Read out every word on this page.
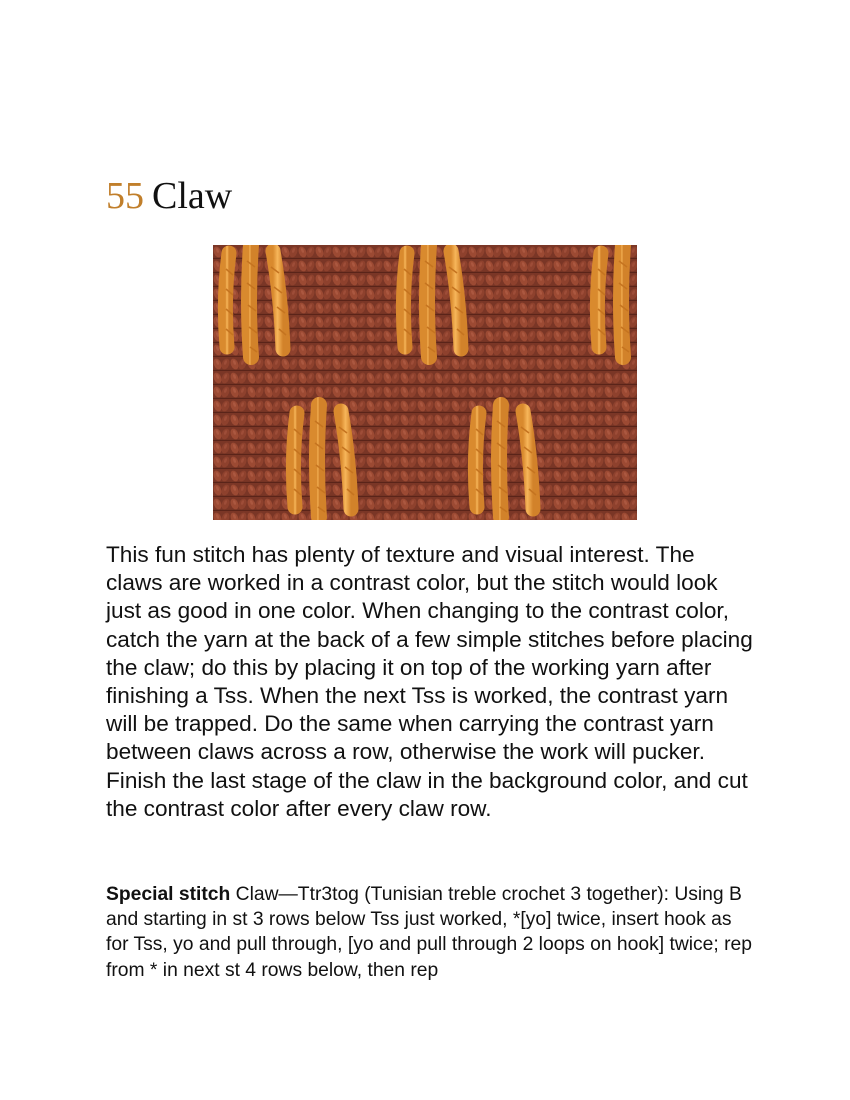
55 Claw

This fun stitch has plenty of texture and visual interest. The claws are worked in a contrast color, but the stitch would look just as good in one color. When changing to the contrast color, catch the yarn at the back of a few simple stitches before placing the claw; do this by placing it on top of the working yarn after finishing a Tss. When the next Tss is worked, the contrast yarn will be trapped. Do the same when carrying the contrast yarn between claws across a row, otherwise the work will pucker. Finish the last stage of the claw in the background color, and cut the contrast color after every claw row.

Special stitch Claw—Ttr3tog (Tunisian treble crochet 3 together): Using B and starting in st 3 rows below Tss just worked, *[yo] twice, insert hook as for Tss, yo and pull through, [yo and pull through 2 loops on hook] twice; rep from * in next st 4 rows below, then rep
